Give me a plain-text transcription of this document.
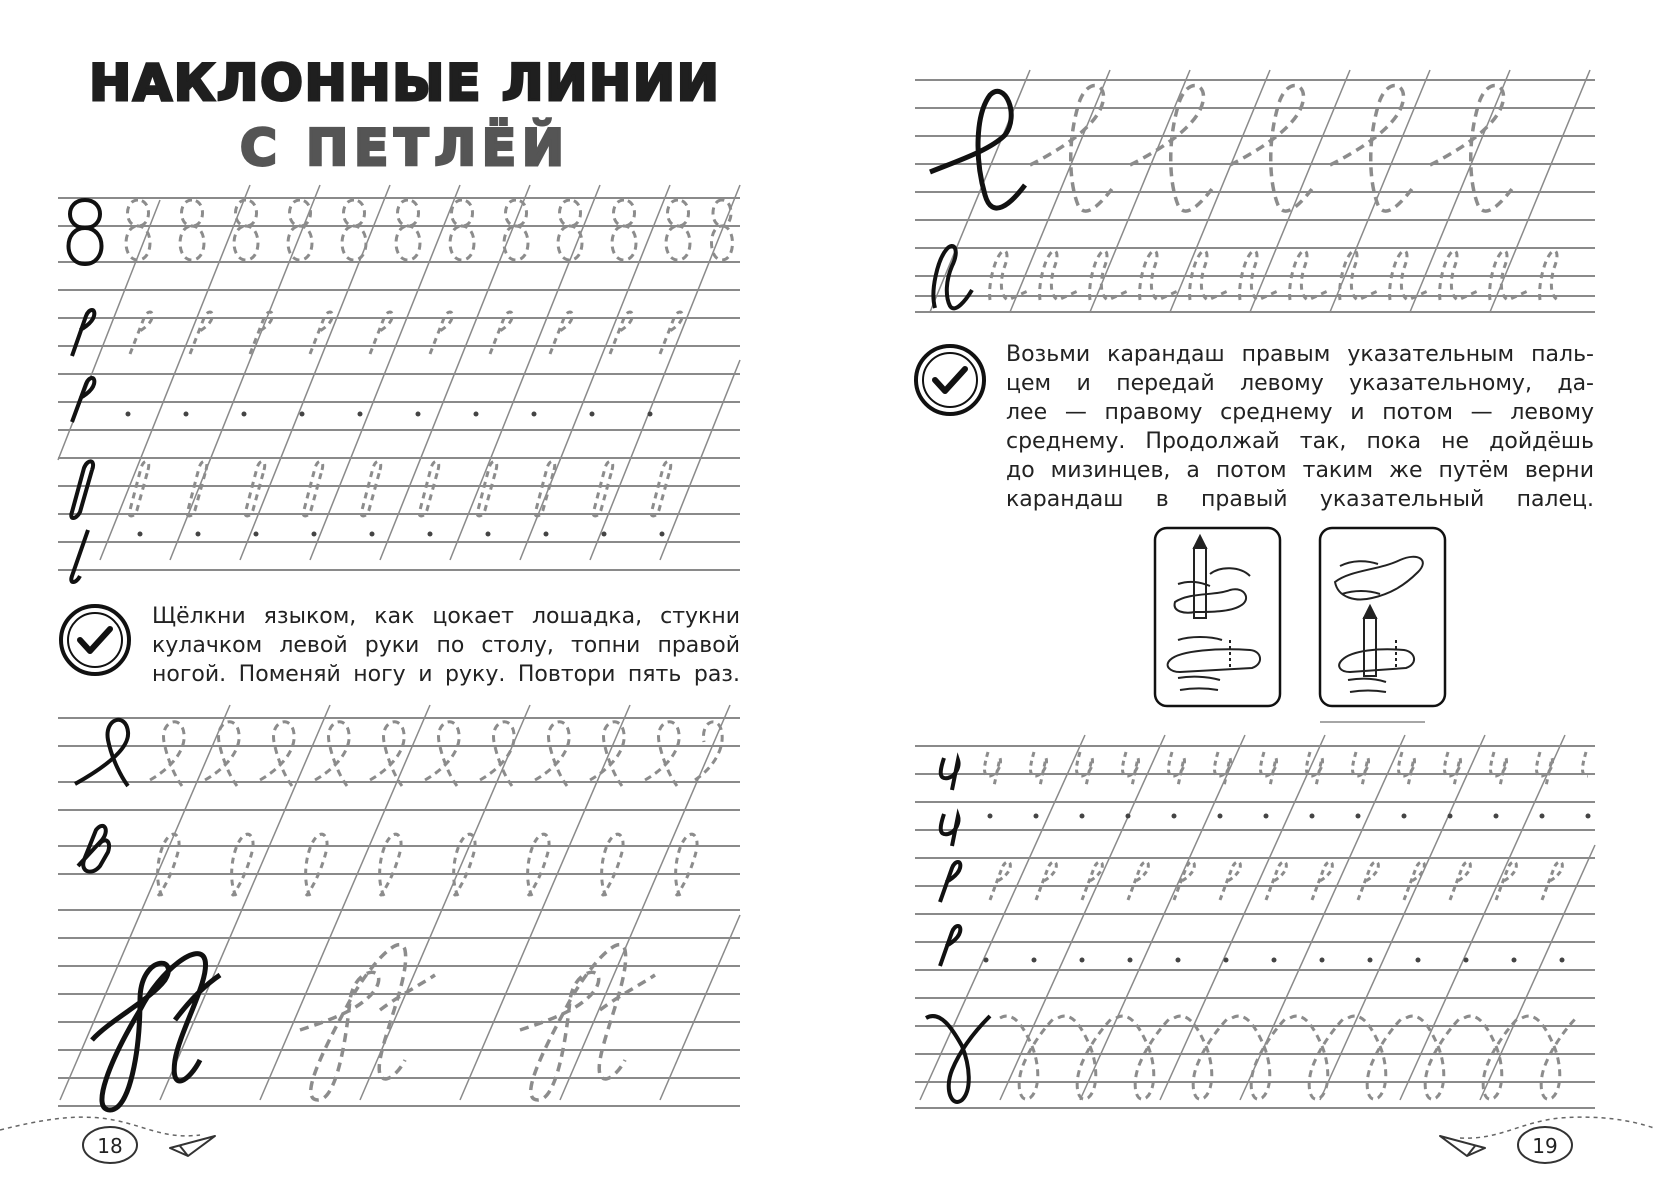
НАКЛОННЫЕ ЛИНИИ
С ПЕТЛЁЙ
18	19
Щёлкни языком, как цокает лошадка, стукни
кулачком левой руки по столу, топни правой
ногой. Поменяй ногу и руку. Повтори пять раз.
Возьми карандаш правым указательным паль-
цем и передай левому указательному, да-
лее — правому среднему и потом — левому
среднему. Продолжай так, пока не дойдёшь
до мизинцев, а потом таким же путём верни
карандаш в правый указательный палец.
